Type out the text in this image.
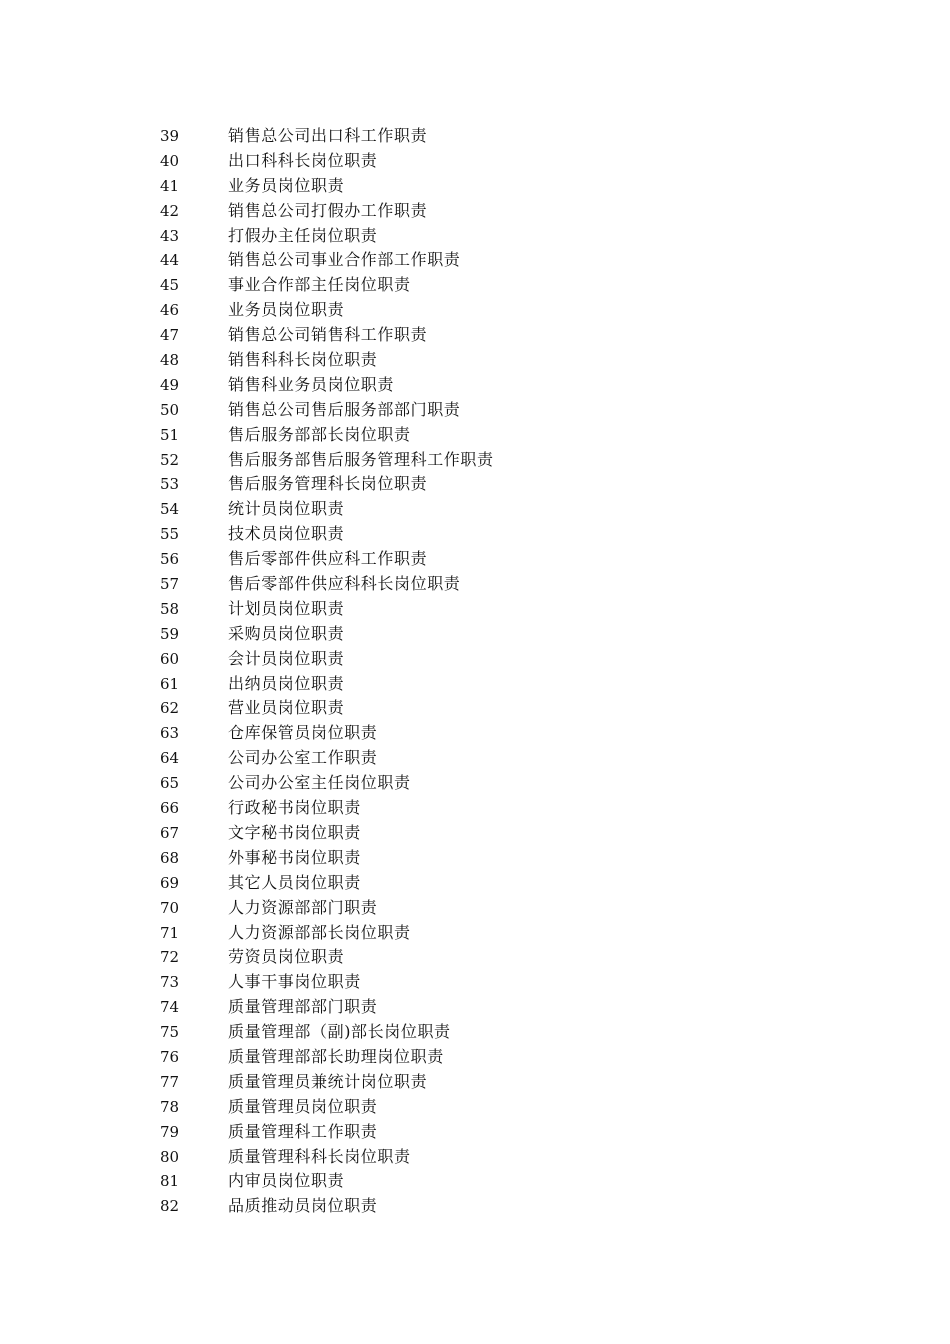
39	销售总公司出口科工作职责
40	出口科科长岗位职责
41	业务员岗位职责
42	销售总公司打假办工作职责
43	打假办主任岗位职责
44	销售总公司事业合作部工作职责
45	事业合作部主任岗位职责
46	业务员岗位职责
47	销售总公司销售科工作职责
48	销售科科长岗位职责
49	销售科业务员岗位职责
50	销售总公司售后服务部部门职责
51	售后服务部部长岗位职责
52	售后服务部售后服务管理科工作职责
53	售后服务管理科长岗位职责
54	统计员岗位职责
55	技术员岗位职责
56	售后零部件供应科工作职责
57	售后零部件供应科科长岗位职责
58	计划员岗位职责
59	采购员岗位职责
60	会计员岗位职责
61	出纳员岗位职责
62	营业员岗位职责
63	仓库保管员岗位职责
64	公司办公室工作职责
65	公司办公室主任岗位职责
66	行政秘书岗位职责
67	文字秘书岗位职责
68	外事秘书岗位职责
69	其它人员岗位职责
70	人力资源部部门职责
71	人力资源部部长岗位职责
72	劳资员岗位职责
73	人事干事岗位职责
74	质量管理部部门职责
75	质量管理部（副)部长岗位职责
76	质量管理部部长助理岗位职责
77	质量管理员兼统计岗位职责
78	质量管理员岗位职责
79	质量管理科工作职责
80	质量管理科科长岗位职责
81	内审员岗位职责
82	品质推动员岗位职责
